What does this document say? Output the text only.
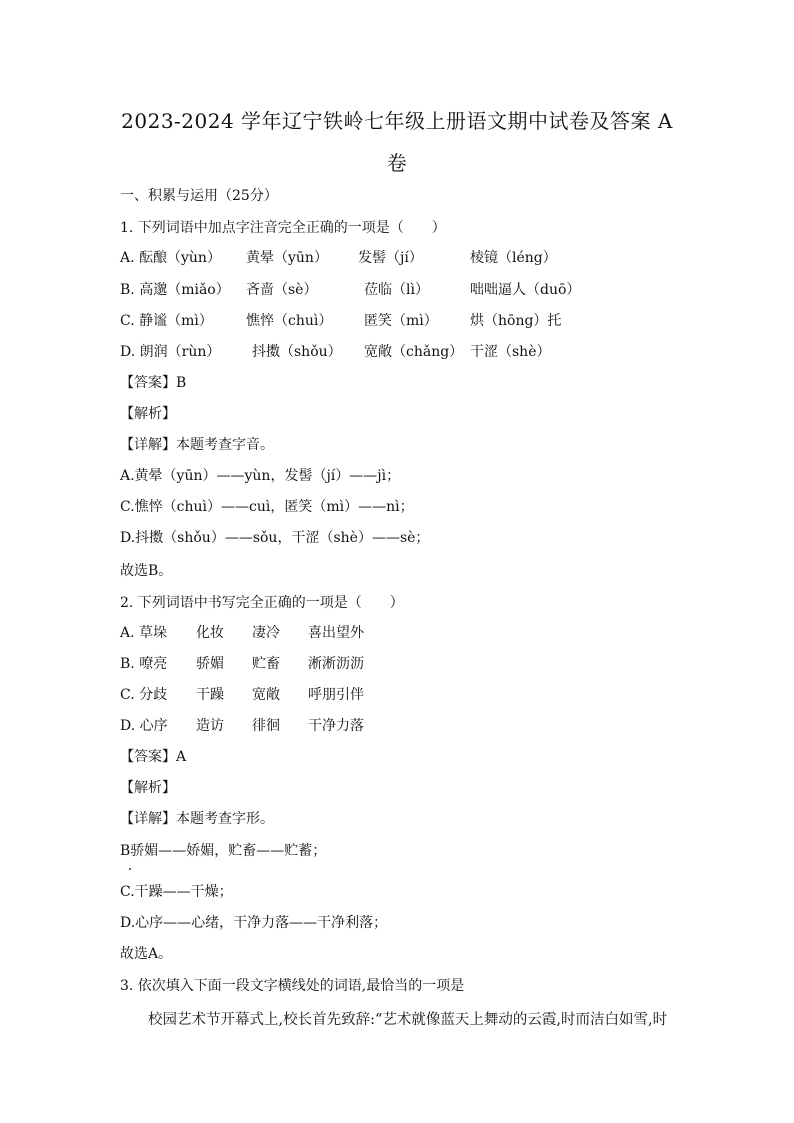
2023-2024 学年辽宁铁岭七年级上册语文期中试卷及答案 A
卷
一、积累与运用（25分）
1. 下列词语中加点字注音完全正确的一项是（　　）
A. 酝酿（yùn） 黄晕（yūn） 发髻（jí）	棱镜（léng）
B. 高邈（miǎo） 吝啬（sè）	莅临（lì）	咄咄逼人（duō）
C. 静谧（mì） 憔悴（chuì） 匿笑（mì） 烘（hōng）托
D. 朗润（rùn） 抖擞（shǒu） 宽敞（chǎng） 干涩（shè）
【答案】B
【解析】
【详解】本题考查字音。
A.黄晕（yūn）——yùn，发髻（jí）——jì；
C.憔悴（chuì）——cuì，匿笑（mì）——nì；
D.抖擞（shǒu）——sǒu，干涩（shè）——sè；
故选B。
2. 下列词语中书写完全正确的一项是（　　）
A. 草垛 化妆 凄冷 喜出望外
B. 嘹亮 骄媚 贮畜 淅淅沥沥
C. 分歧 干躁 宽敞 呼朋引伴
D. 心序 造访 徘徊 干净力落
【答案】A
【解析】
【详解】本题考查字形。
B骄媚——娇媚，贮畜——贮蓄；
C.干躁——干燥；
D.心序——心绪，干净力落——干净利落；
故选A。
3. 依次填入下面一段文字横线处的词语,最恰当的一项是
校园艺术节开幕式上,校长首先致辞:“艺术就像蓝天上舞动的云霞,时而洁白如雪,时
